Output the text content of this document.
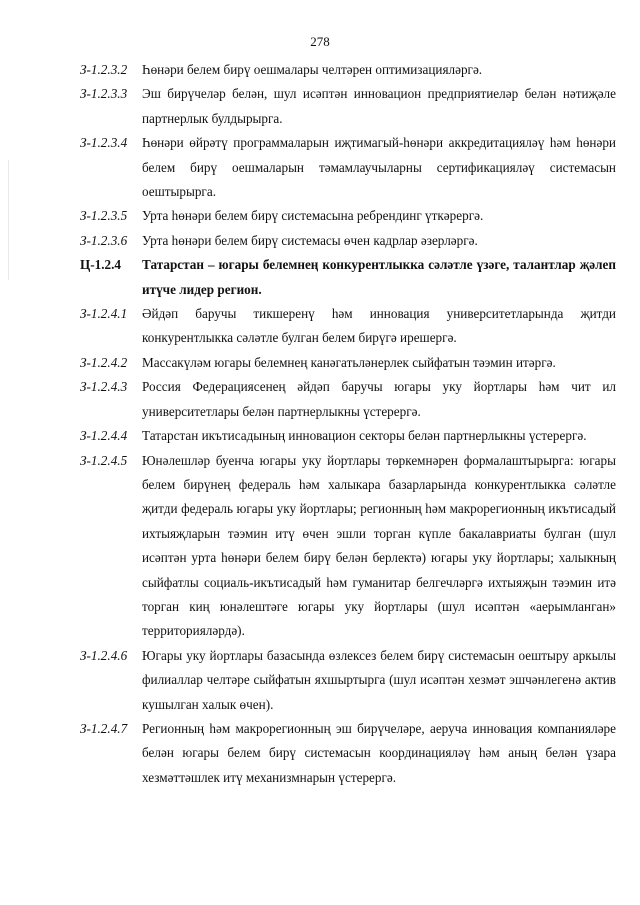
278
З-1.2.3.2	Һөнәри белем бирү оешмалары челтәрен оптимизацияләргә.
З-1.2.3.3	Эш бирүчеләр белән, шул исәптән инновацион предприятиеләр белән нәтиҗәле партнерлык булдырырга.
З-1.2.3.4	Һөнәри өйрәтү программаларын иҗтимагый-һөнәри аккредитацияләү һәм һөнәри белем бирү оешмаларын тәмамлаучыларны сертификацияләү системасын оештырырга.
З-1.2.3.5	Урта һөнәри белем бирү системасына ребрендинг үткәрергә.
З-1.2.3.6	Урта һөнәри белем бирү системасы өчен кадрлар әзерләргә.
Ц-1.2.4	Татарстан – югары белемнең конкурентлыкка сәләтле үзәге, талантлар җәлеп итүче лидер регион.
З-1.2.4.1	Әйдәп баручы тикшеренү һәм инновация университетларында җитди конкурентлыкка сәләтле булган белем бирүгә ирешергә.
З-1.2.4.2	Массакүләм югары белемнең канәгатьләнерлек сыйфатын тәэмин итәргә.
З-1.2.4.3	Россия Федерациясенең әйдәп баручы югары уку йортлары һәм чит ил университетлары белән партнерлыкны үстерергә.
З-1.2.4.4	Татарстан икътисадының инновацион секторы белән партнерлыкны үстерергә.
З-1.2.4.5	Юнәлешләр буенча югары уку йортлары төркемнәрен формалаштырырга: югары белем бирүнең федераль һәм халыкара базарларында конкурентлыкка сәләтле җитди федераль югары уку йортлары; регионның һәм макрорегионның икътисадый ихтыяҗларын тәэмин итү өчен эшли торган күпле бакалавриаты булган (шул исәптән урта һөнәри белем бирү белән берлектә) югары уку йортлары; халыкның сыйфатлы социаль-икътисадый һәм гуманитар белгечләргә ихтыяҗын тәэмин итә торган киң юнәлештәге югары уку йортлары (шул исәптән «аерымланган» территорияләрдә).
З-1.2.4.6	Югары уку йортлары базасында өзлексез белем бирү системасын оештыру аркылы филиаллар челтәре сыйфатын яхшыртырга (шул исәптән хезмәт эшчәнлегенә актив кушылган халык өчен).
З-1.2.4.7	Регионның һәм макрорегионның эш бирүчеләре, аеруча инновация компанияләре белән югары белем бирү системасын координацияләү һәм аның белән үзара хезмәттәшлек итү механизмнарын үстерергә.
